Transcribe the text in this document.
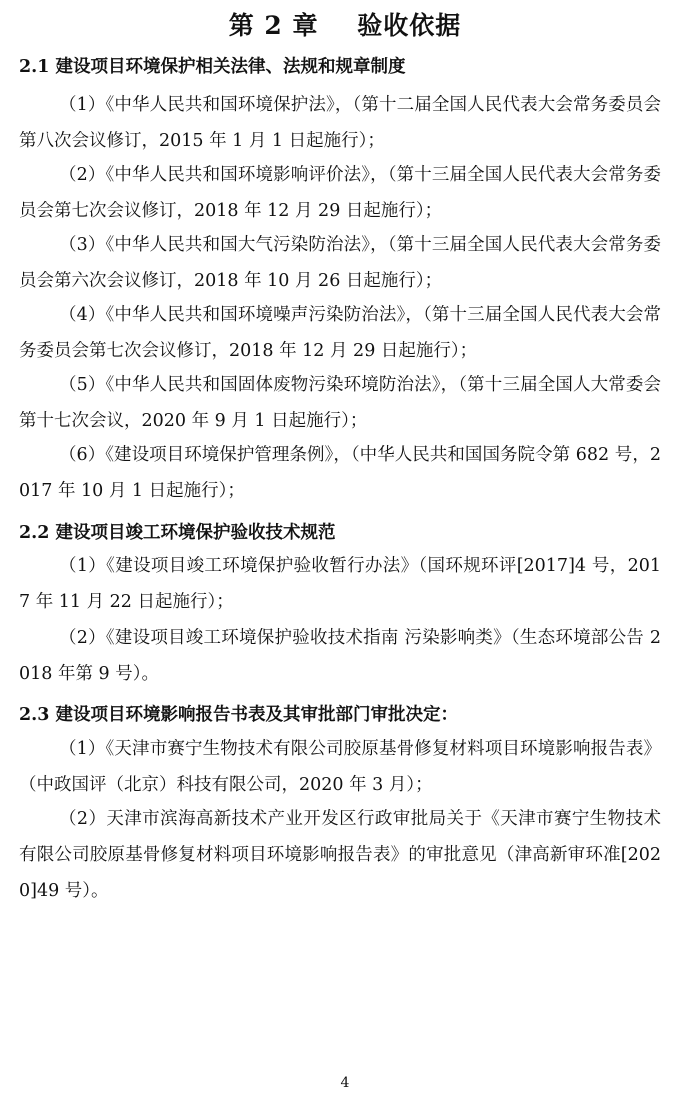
第 2 章    验收依据
2.1 建设项目环境保护相关法律、法规和规章制度
（1）《中华人民共和国环境保护法》，（第十二届全国人民代表大会常务委员会第八次会议修订，2015 年 1 月 1 日起施行）；
（2）《中华人民共和国环境影响评价法》，（第十三届全国人民代表大会常务委员会第七次会议修订，2018 年 12 月 29 日起施行）；
（3）《中华人民共和国大气污染防治法》，（第十三届全国人民代表大会常务委员会第六次会议修订，2018 年 10 月 26 日起施行）；
（4）《中华人民共和国环境噪声污染防治法》，（第十三届全国人民代表大会常务委员会第七次会议修订，2018 年 12 月 29 日起施行）；
（5）《中华人民共和国固体废物污染环境防治法》，（第十三届全国人大常委会第十七次会议，2020 年 9 月 1 日起施行）；
（6）《建设项目环境保护管理条例》，（中华人民共和国国务院令第 682 号，2017 年 10 月 1 日起施行）；
2.2 建设项目竣工环境保护验收技术规范
（1）《建设项目竣工环境保护验收暂行办法》（国环规环评[2017]4 号，2017 年 11 月 22 日起施行）；
（2）《建设项目竣工环境保护验收技术指南 污染影响类》（生态环境部公告 2018 年第 9 号）。
2.3 建设项目环境影响报告书表及其审批部门审批决定：
（1）《天津市赛宁生物技术有限公司胶原基骨修复材料项目环境影响报告表》（中政国评（北京）科技有限公司，2020 年 3 月）；
（2）天津市滨海高新技术产业开发区行政审批局关于《天津市赛宁生物技术有限公司胶原基骨修复材料项目环境影响报告表》的审批意见（津高新审环准[2020]49 号）。
4
